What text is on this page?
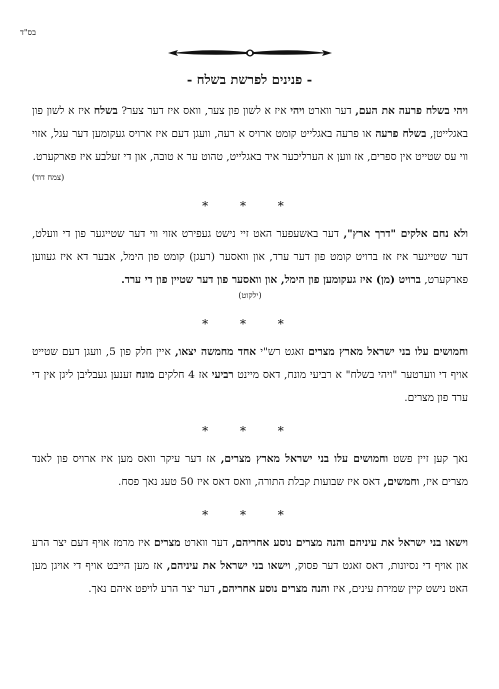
בס"ד
- פנינים לפרשת בשלח -

ויהי בשלח פרעה את העם, דער ווארט ויהי איז א לשון פון צער, וואס איז דער צער? בשלח איז א לשון פון באגלייטן, בשלח פרעה או פרעה באגלייט קומט ארויס א רעה, וועגן דעם איז ארויס געקומען דער עגל, אזוי ווי עס שטייט אין ספרים, אז ווען א הערליכער איד באגלייט, טהוט ער א טובה, און די זעלבע איז פארקערט.

(צמח דוד)
* * *

ולא נחם אלקים "דרך ארץ", דער באשעפער האט זיי נישט געפירט אזוי ווי דער שטייגער פון די וועלט, דער שטייגער איז אז ברויט קומט פון דער ערד, און וואסער (רעגן) קומט פון הימל, אבער דא איז געווען פארקערט, ברויט (מן) איז געקומען פון הימל, און וואסער פון דער שטיין פון די ערד.

(ילקוט)
* * *

וחמושים עלו בני ישראל מארץ מצרים זאגט רש"י אחד מחמשה יצאו, איין חלק פון 5, וועגן דעם שטייט אויף די ווערטער "ויהי בשלח" א רביעי מונח, דאס מיינט רביעי אז 4 חלקים מונח זענען געבליבן ליגן אין די ערד פון מצרים.

* * *

נאך קען זיין פשט וחמושים עלו בני ישראל מארץ מצרים, אז דער עיקר וואס מען איז ארויס פון לאנד מצרים איז, וחמשים, דאס איז שבועות קבלת התורה, וואס דאס איז 50 טעג נאך פסח.

* * *

וישאו בני ישראל את עיניהם והנה מצרים נוסע אחריהם, דער ווארט מצרים איז מרמז אויף דעם יצר הרע און אויף די נסיונות, דאס זאגט דער פסוק, וישאו בני ישראל את עיניהם, אז מען הייבט אויף די אויגן מען האט נישט קיין שמירת עינים, איז והנה מצרים נוסע אחריהם, דער יצר הרע לויפט איהם נאך.
